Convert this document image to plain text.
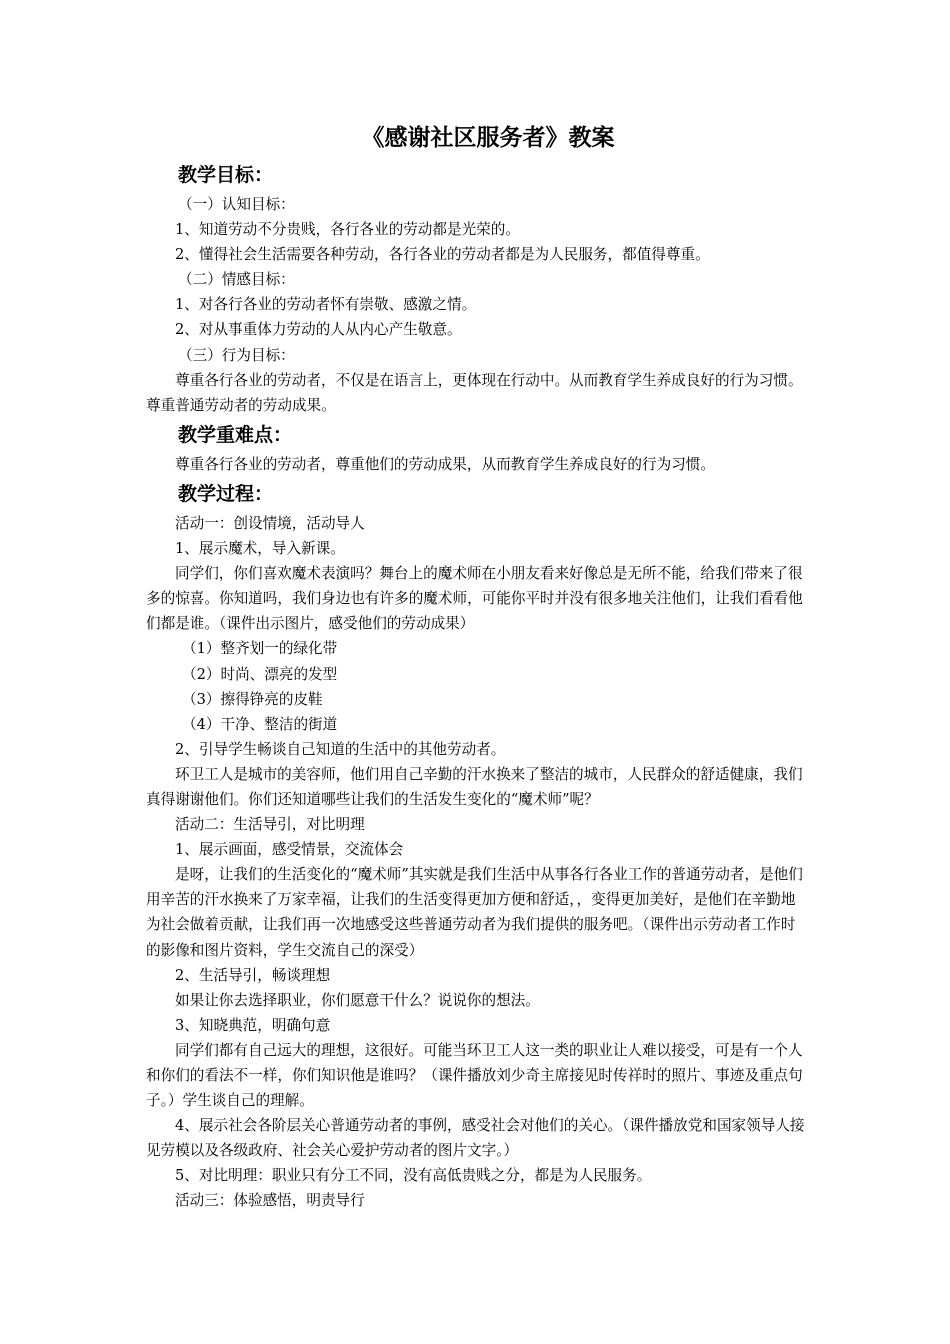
《感谢社区服务者》教案
教学目标：

（一）认知目标：

1、知道劳动不分贵贱，各行各业的劳动都是光荣的。

2、懂得社会生活需要各种劳动，各行各业的劳动者都是为人民服务，都值得尊重。

（二）情感目标：

1、对各行各业的劳动者怀有崇敬、感激之情。

2、对从事重体力劳动的人从内心产生敬意。

（三）行为目标：

尊重各行各业的劳动者，不仅是在语言上，更体现在行动中。从而教育学生养成良好的行为习惯。尊重普通劳动者的劳动成果。

教学重难点：

尊重各行各业的劳动者，尊重他们的劳动成果，从而教育学生养成良好的行为习惯。

教学过程：

活动一：创设情境，活动导人

1、展示魔术，导入新课。

同学们，你们喜欢魔术表演吗？舞台上的魔术师在小朋友看来好像总是无所不能，给我们带来了很多的惊喜。你知道吗，我们身边也有许多的魔术师，可能你平时并没有很多地关注他们，让我们看看他们都是谁。（课件出示图片，感受他们的劳动成果）

（1）整齐划一的绿化带

（2）时尚、漂亮的发型

（3）擦得铮亮的皮鞋

（4）干净、整洁的街道

2、引导学生畅谈自己知道的生活中的其他劳动者。

环卫工人是城市的美容师，他们用自己辛勤的汗水换来了整洁的城市，人民群众的舒适健康，我们真得谢谢他们。你们还知道哪些让我们的生活发生变化的“魔术师”呢？

活动二：生活导引，对比明理

1、展示画面，感受情景，交流体会

是呀，让我们的生活变化的“魔术师”其实就是我们生活中从事各行各业工作的普通劳动者，是他们用辛苦的汗水换来了万家幸福，让我们的生活变得更加方便和舒适，，变得更加美好，是他们在辛勤地为社会做着贡献，让我们再一次地感受这些普通劳动者为我们提供的服务吧。（课件出示劳动者工作时的影像和图片资料，学生交流自己的深受）

2、生活导引，畅谈理想

如果让你去选择职业，你们愿意干什么？说说你的想法。

3、知晓典范，明确句意

同学们都有自己远大的理想，这很好。可能当环卫工人这一类的职业让人难以接受，可是有一个人和你们的看法不一样，你们知识他是谁吗？（课件播放刘少奇主席接见时传祥时的照片、事迹及重点句子。）学生谈自己的理解。

4、展示社会各阶层关心普通劳动者的事例，感受社会对他们的关心。（课件播放党和国家领导人接见劳模以及各级政府、社会关心爱护劳动者的图片文字。）

5、对比明理：职业只有分工不同，没有高低贵贱之分，都是为人民服务。

活动三：体验感悟，明责导行
